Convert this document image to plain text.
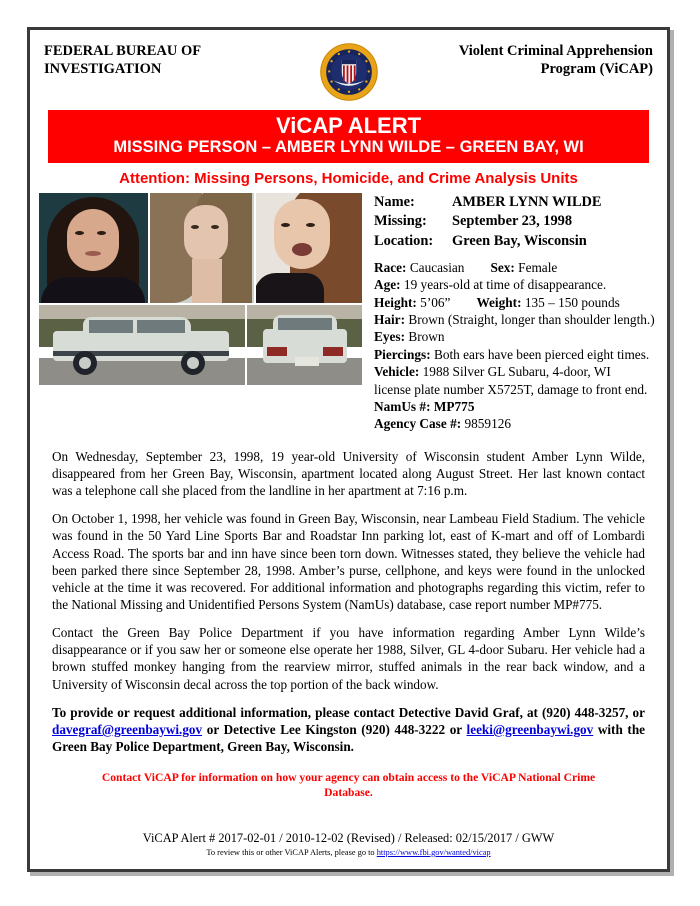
FEDERAL BUREAU OF
INVESTIGATION
Violent Criminal Apprehension
Program (ViCAP)
ViCAP ALERT
MISSING PERSON – AMBER LYNN WILDE – GREEN BAY, WI
Attention: Missing Persons, Homicide, and Crime Analysis Units
Name:	AMBER LYNN WILDE
Missing:	September 23, 1998
Location:	Green Bay, Wisconsin
Race: Caucasian Sex: Female
Age: 19 years-old at time of disappearance.
Height: 5’06” Weight: 135 – 150 pounds
Hair: Brown (Straight, longer than shoulder length.)
Eyes: Brown
Piercings: Both ears have been pierced eight times.
Vehicle: 1988 Silver GL Subaru, 4-door, WI
license plate number X5725T, damage to front end.
NamUs #: MP775
Agency Case #: 9859126

On Wednesday, September 23, 1998, 19 year-old University of Wisconsin student Amber Lynn Wilde, disappeared from her Green Bay, Wisconsin, apartment located along August Street. Her last known contact was a telephone call she placed from the landline in her apartment at 7:16 p.m.

On October 1, 1998, her vehicle was found in Green Bay, Wisconsin, near Lambeau Field Stadium. The vehicle was found in the 50 Yard Line Sports Bar and Roadstar Inn parking lot, east of K-mart and off of Lombardi Access Road. The sports bar and inn have since been torn down. Witnesses stated, they believe the vehicle had been parked there since September 28, 1998. Amber’s purse, cellphone, and keys were found in the unlocked vehicle at the time it was recovered. For additional information and photographs regarding this victim, refer to the National Missing and Unidentified Persons System (NamUs) database, case report number MP#775.

Contact the Green Bay Police Department if you have information regarding Amber Lynn Wilde’s disappearance or if you saw her or someone else operate her 1988, Silver, GL 4-door Subaru. Her vehicle had a brown stuffed monkey hanging from the rearview mirror, stuffed animals in the rear back window, and a University of Wisconsin decal across the top portion of the back window.

To provide or request additional information, please contact Detective David Graf, at (920) 448-3257, or davegraf@greenbaywi.gov or Detective Lee Kingston (920) 448-3222 or leeki@greenbaywi.gov with the Green Bay Police Department, Green Bay, Wisconsin.

Contact ViCAP for information on how your agency can obtain access to the ViCAP National Crime Database.
ViCAP Alert # 2017-02-01 / 2010-12-02 (Revised) / Released: 02/15/2017 / GWW
To review this or other ViCAP Alerts, please go to https://www.fbi.gov/wanted/vicap
